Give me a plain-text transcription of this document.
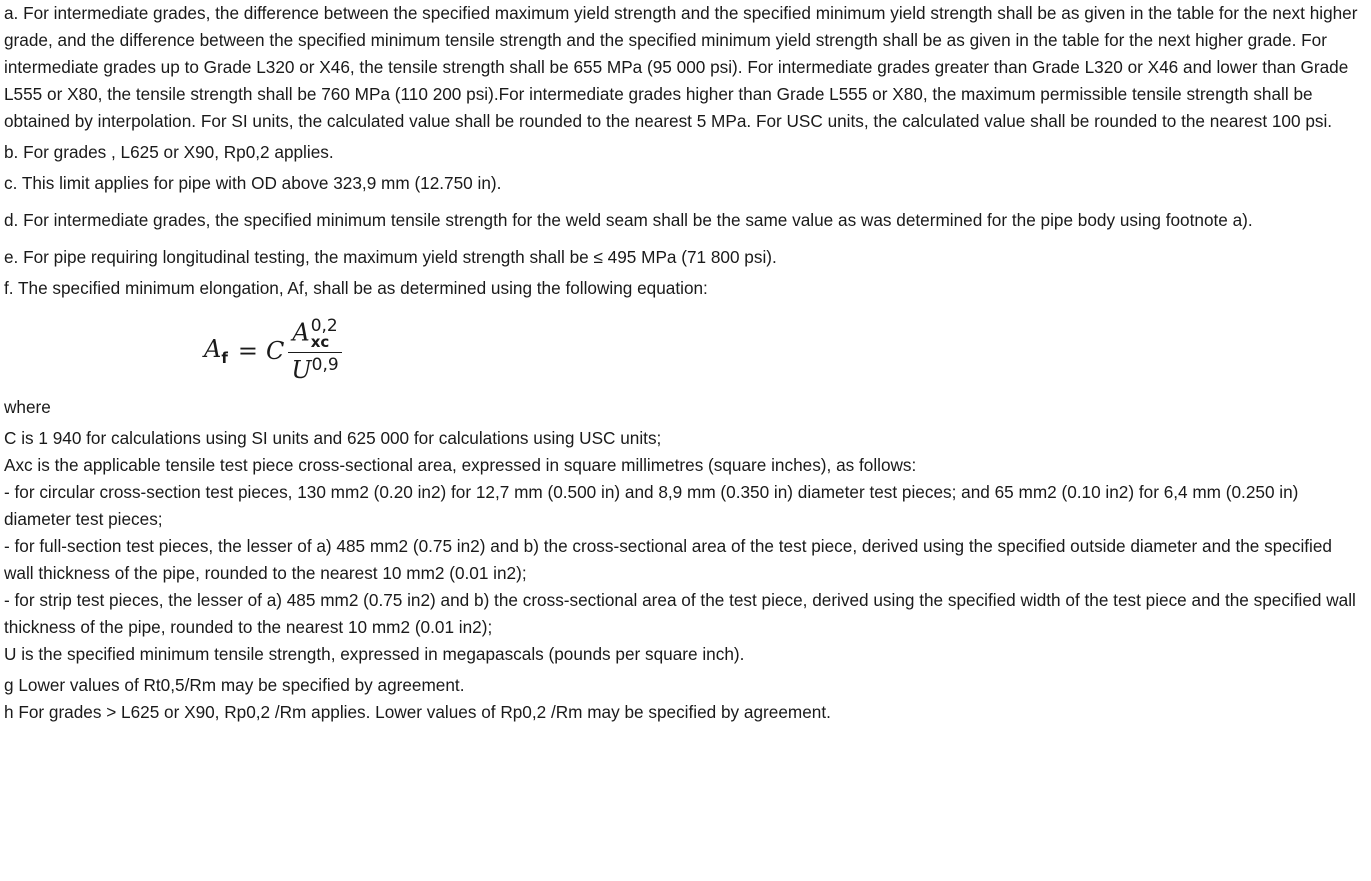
a. For intermediate grades, the difference between the specified maximum yield strength and the specified minimum yield strength shall be as given in the table for the next higher grade, and the difference between the specified minimum tensile strength and the specified minimum yield strength shall be as given in the table for the next higher grade. For intermediate grades up to Grade L320 or X46, the tensile strength shall be 655 MPa (95 000 psi). For intermediate grades greater than Grade L320 or X46 and lower than Grade L555 or X80, the tensile strength shall be 760 MPa (110 200 psi).For intermediate grades higher than Grade L555 or X80, the maximum permissible tensile strength shall be obtained by interpolation. For SI units, the calculated value shall be rounded to the nearest 5 MPa. For USC units, the calculated value shall be rounded to the nearest 100 psi.

b. For grades , L625 or X90, Rp0,2 applies.

c. This limit applies for pipe with OD above 323,9 mm (12.750 in).

d. For intermediate grades, the specified minimum tensile strength for the weld seam shall be the same value as was determined for the pipe body using footnote a).

e. For pipe requiring longitudinal testing, the maximum yield strength shall be ≤ 495 MPa (71 800 psi).

f. The specified minimum elongation, Af, shall be as determined using the following equation:

$A_f = C$ A 0,2
xc
U$^{0,9}$

where

C is 1 940 for calculations using SI units and 625 000 for calculations using USC units;

Axc is the applicable tensile test piece cross-sectional area, expressed in square millimetres (square inches), as follows:

- for circular cross-section test pieces, 130 mm2 (0.20 in2) for 12,7 mm (0.500 in) and 8,9 mm (0.350 in) diameter test pieces; and 65 mm2 (0.10 in2) for 6,4 mm (0.250 in) diameter test pieces;

- for full-section test pieces, the lesser of a) 485 mm2 (0.75 in2) and b) the cross-sectional area of the test piece, derived using the specified outside diameter and the specified wall thickness of the pipe, rounded to the nearest 10 mm2 (0.01 in2);

- for strip test pieces, the lesser of a) 485 mm2 (0.75 in2) and b) the cross-sectional area of the test piece, derived using the specified width of the test piece and the specified wall thickness of the pipe, rounded to the nearest 10 mm2 (0.01 in2);

U is the specified minimum tensile strength, expressed in megapascals (pounds per square inch).

g Lower values of Rt0,5/Rm may be specified by agreement.

h For grades > L625 or X90, Rp0,2 /Rm applies. Lower values of Rp0,2 /Rm may be specified by agreement.
